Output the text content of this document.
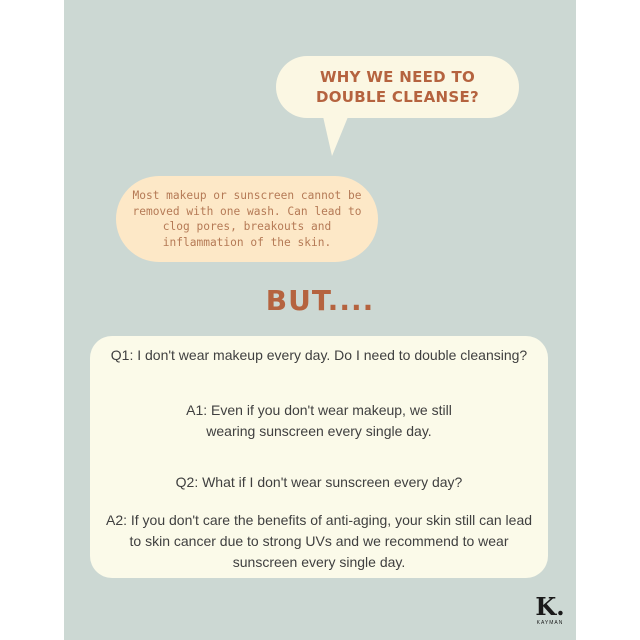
WHY WE NEED TO DOUBLE CLEANSE?
Most makeup or sunscreen cannot be removed with one wash. Can lead to clog pores, breakouts and inflammation of the skin.
BUT....
Q1: I don't wear makeup every day. Do I need to double cleansing?
A1: Even if you don't wear makeup, we still wearing sunscreen every single day.
Q2: What if I don't wear sunscreen every day?
A2: If you don't care the benefits of anti-aging, your skin still can lead to skin cancer due to strong UVs and we recommend to wear sunscreen every single day.
K.
KAYMAN
